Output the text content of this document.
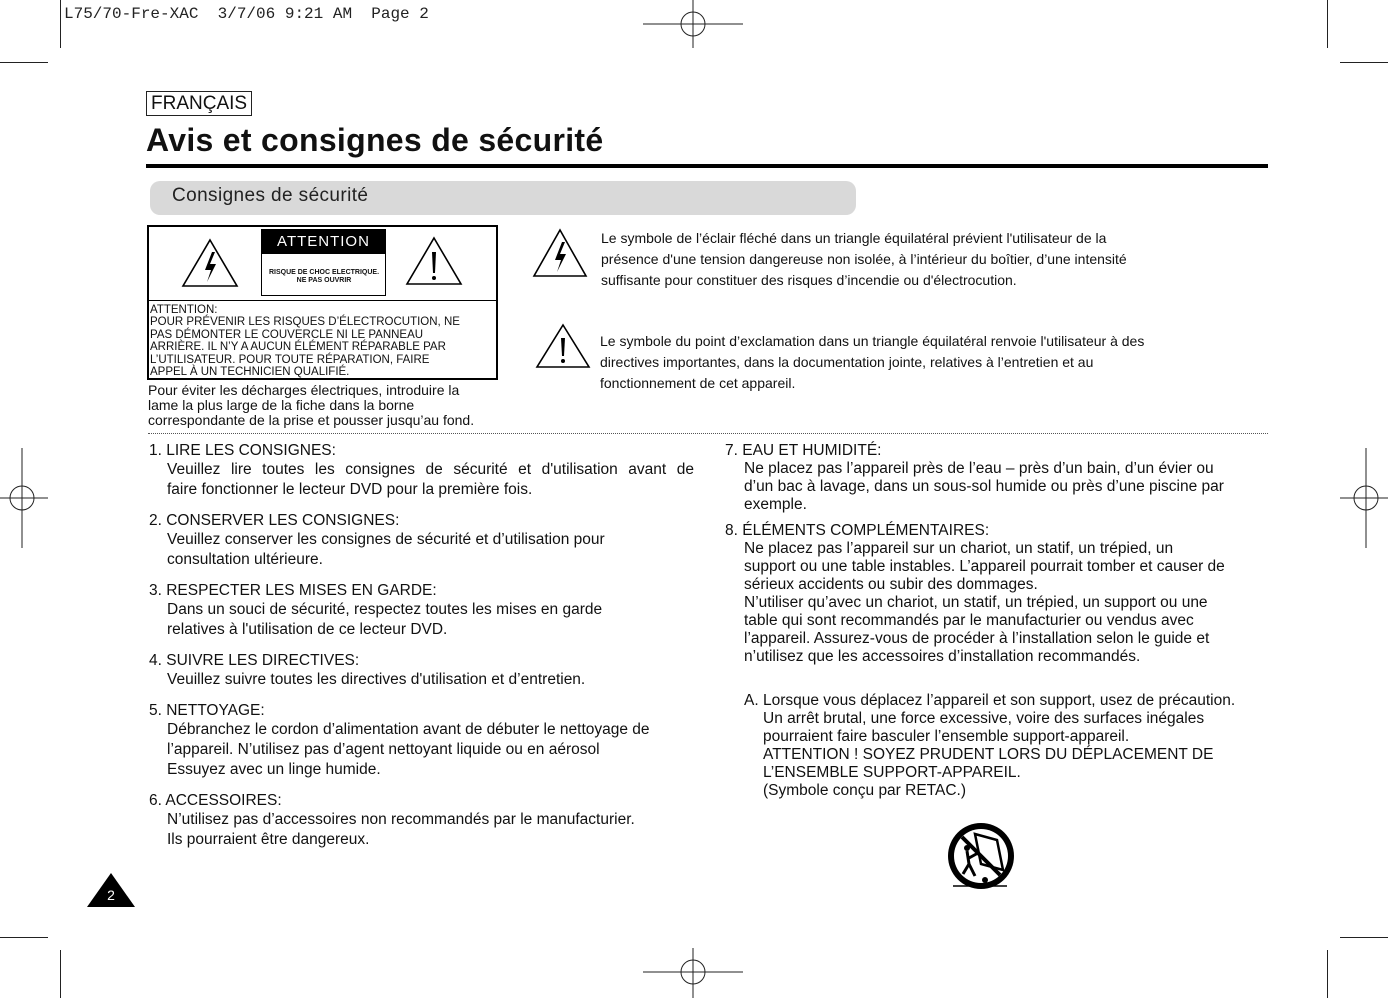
L75/70-Fre-XAC  3/7/06 9:21 AM  Page 2
FRANÇAIS
Avis et consignes de sécurité
Consignes de sécurité
ATTENTION
RISQUE DE CHOC ELECTRIQUE.
NE PAS OUVRIR
ATTENTION:
POUR PRÉVENIR LES RISQUES D’ÉLECTROCUTION, NE
PAS DÉMONTER LE COUVERCLE NI LE PANNEAU
ARRIÈRE. IL N’Y A AUCUN ÉLÉMENT RÉPARABLE PAR
L’UTILISATEUR. POUR TOUTE RÉPARATION, FAIRE
APPEL À UN TECHNICIEN QUALIFIÉ.
Pour éviter les décharges électriques, introduire la
lame la plus large de la fiche dans la borne
correspondante de la prise et pousser jusqu’au fond.
Le symbole de l’éclair fléché dans un triangle équilatéral prévient l'utilisateur de la
présence d'une tension dangereuse non isolée, à l’intérieur du boîtier, d’une intensité
suffisante pour constituer des risques d’incendie ou d'électrocution.
Le symbole du point d’exclamation dans un triangle équilatéral renvoie l'utilisateur à des
directives importantes, dans la documentation jointe, relatives à l’entretien et au
fonctionnement de cet appareil.
1. LIRE LES CONSIGNES:
Veuillez lire toutes les consignes de sécurité et d'utilisation avant de
faire fonctionner le lecteur DVD pour la première fois.
2. CONSERVER LES CONSIGNES:
Veuillez conserver les consignes de sécurité et d’utilisation pour
consultation ultérieure.
3. RESPECTER LES MISES EN GARDE:
Dans un souci de sécurité, respectez toutes les mises en garde
relatives à l'utilisation de ce lecteur DVD.
4. SUIVRE LES DIRECTIVES:
Veuillez suivre toutes les directives d'utilisation et d’entretien.
5. NETTOYAGE:
Débranchez le cordon d’alimentation avant de débuter le nettoyage de
l’appareil. N’utilisez pas d’agent nettoyant liquide ou en aérosol
Essuyez avec un linge humide.
6. ACCESSOIRES:
N’utilisez pas d’accessoires non recommandés par le manufacturier.
Ils pourraient être dangereux.
7. EAU ET HUMIDITÉ:
Ne placez pas l’appareil près de l’eau – près d’un bain, d’un évier ou
d’un bac à lavage, dans un sous-sol humide ou près d’une piscine par
exemple.
8. ÉLÉMENTS COMPLÉMENTAIRES:
Ne placez pas l’appareil sur un chariot, un statif, un trépied, un
support ou une table instables. L’appareil pourrait tomber et causer de
sérieux accidents ou subir des dommages.
N’utiliser qu’avec un chariot, un statif, un trépied, un support ou une
table qui sont recommandés par le manufacturier ou vendus avec
l’appareil. Assurez-vous de procéder à l’installation selon le guide et
n’utilisez que les accessoires d’installation recommandés.
A. Lorsque vous déplacez l’appareil et son support, usez de précaution.
Un arrêt brutal, une force excessive, voire des surfaces inégales
pourraient faire basculer l’ensemble support-appareil.
ATTENTION ! SOYEZ PRUDENT LORS DU DÉPLACEMENT DE
L’ENSEMBLE SUPPORT-APPAREIL.
(Symbole conçu par RETAC.)
2
